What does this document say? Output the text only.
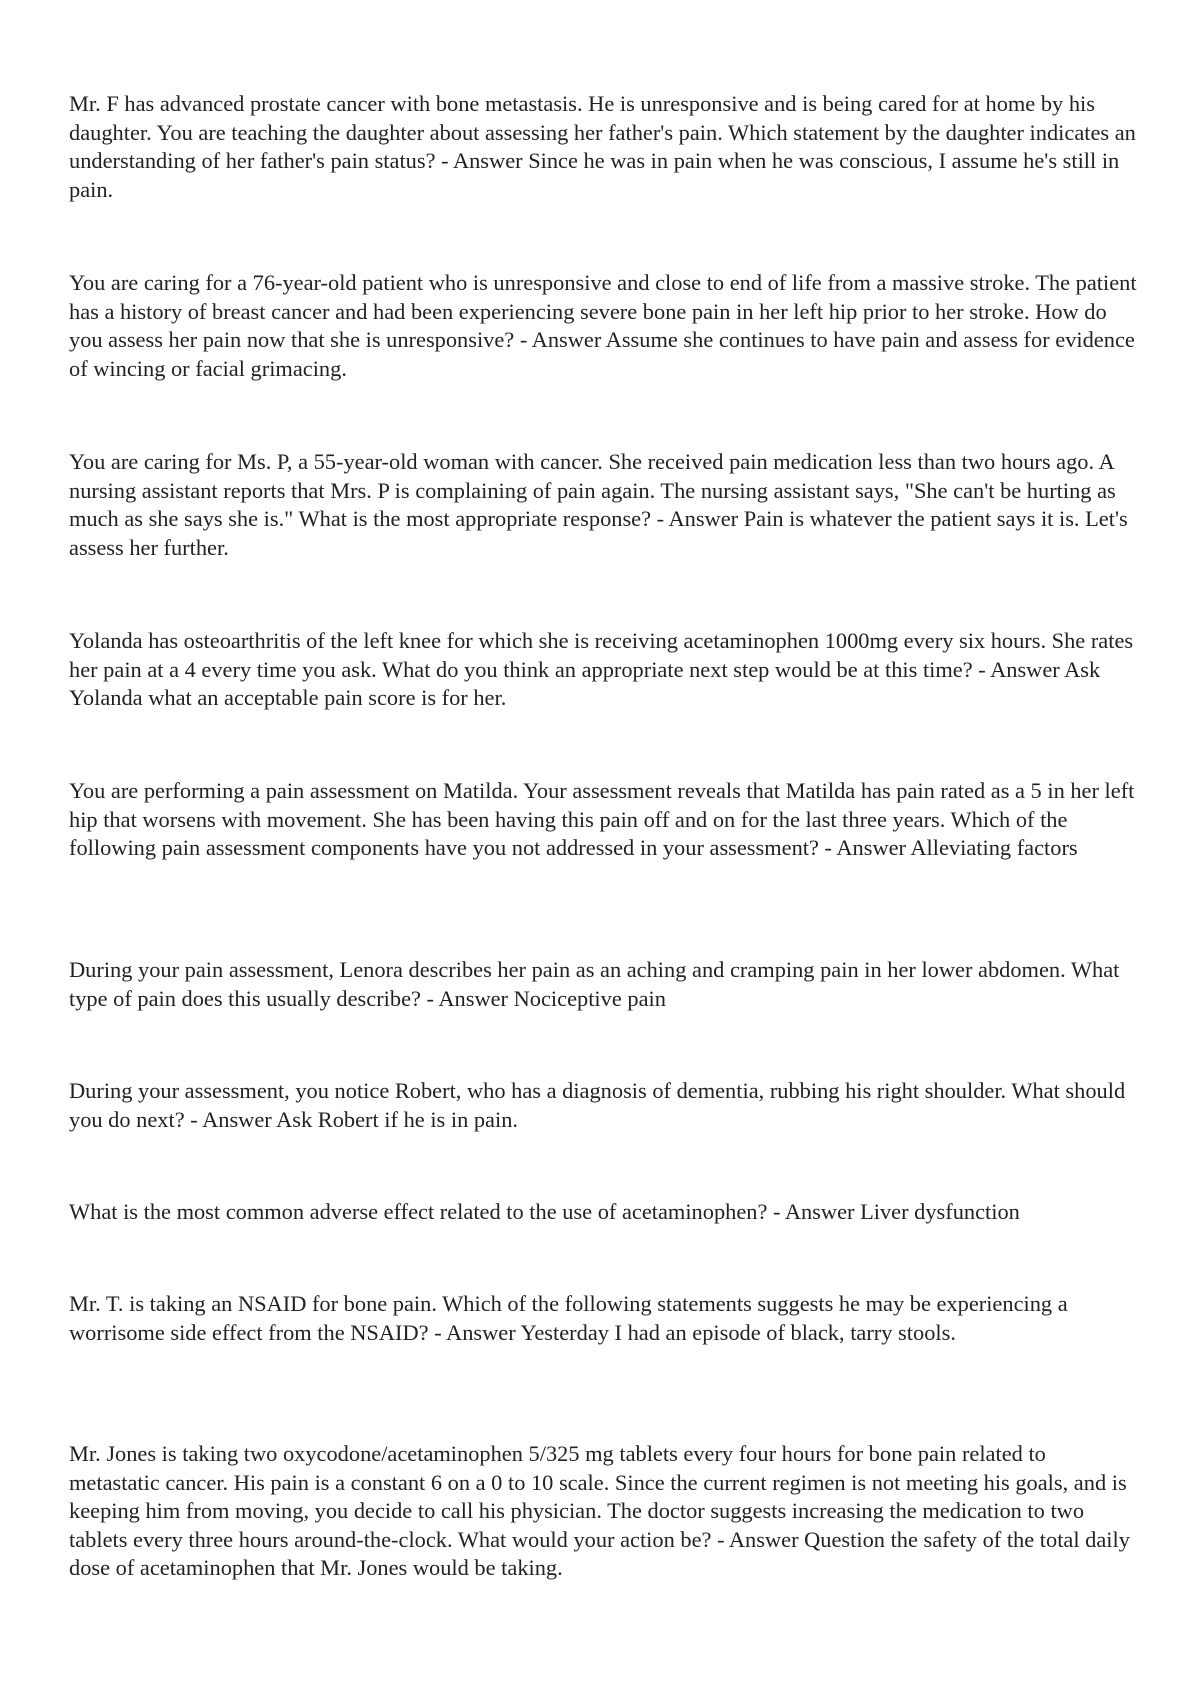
Mr. F has advanced prostate cancer with bone metastasis. He is unresponsive and is being cared for at home by his daughter. You are teaching the daughter about assessing her father's pain. Which statement by the daughter indicates an understanding of her father's pain status? - Answer Since he was in pain when he was conscious, I assume he's still in pain.

You are caring for a 76-year-old patient who is unresponsive and close to end of life from a massive stroke. The patient has a history of breast cancer and had been experiencing severe bone pain in her left hip prior to her stroke. How do you assess her pain now that she is unresponsive? - Answer Assume she continues to have pain and assess for evidence of wincing or facial grimacing.

You are caring for Ms. P, a 55-year-old woman with cancer. She received pain medication less than two hours ago. A nursing assistant reports that Mrs. P is complaining of pain again. The nursing assistant says, "She can't be hurting as much as she says she is." What is the most appropriate response? - Answer Pain is whatever the patient says it is. Let's assess her further.

Yolanda has osteoarthritis of the left knee for which she is receiving acetaminophen 1000mg every six hours. She rates her pain at a 4 every time you ask. What do you think an appropriate next step would be at this time? - Answer Ask Yolanda what an acceptable pain score is for her.

You are performing a pain assessment on Matilda. Your assessment reveals that Matilda has pain rated as a 5 in her left hip that worsens with movement. She has been having this pain off and on for the last three years. Which of the following pain assessment components have you not addressed in your assessment? - Answer Alleviating factors

During your pain assessment, Lenora describes her pain as an aching and cramping pain in her lower abdomen. What type of pain does this usually describe? - Answer Nociceptive pain

During your assessment, you notice Robert, who has a diagnosis of dementia, rubbing his right shoulder. What should you do next? - Answer Ask Robert if he is in pain.

What is the most common adverse effect related to the use of acetaminophen? - Answer Liver dysfunction

Mr. T. is taking an NSAID for bone pain. Which of the following statements suggests he may be experiencing a worrisome side effect from the NSAID? - Answer Yesterday I had an episode of black, tarry stools.

Mr. Jones is taking two oxycodone/acetaminophen 5/325 mg tablets every four hours for bone pain related to metastatic cancer. His pain is a constant 6 on a 0 to 10 scale. Since the current regimen is not meeting his goals, and is keeping him from moving, you decide to call his physician. The doctor suggests increasing the medication to two tablets every three hours around-the-clock. What would your action be? - Answer Question the safety of the total daily dose of acetaminophen that Mr. Jones would be taking.
